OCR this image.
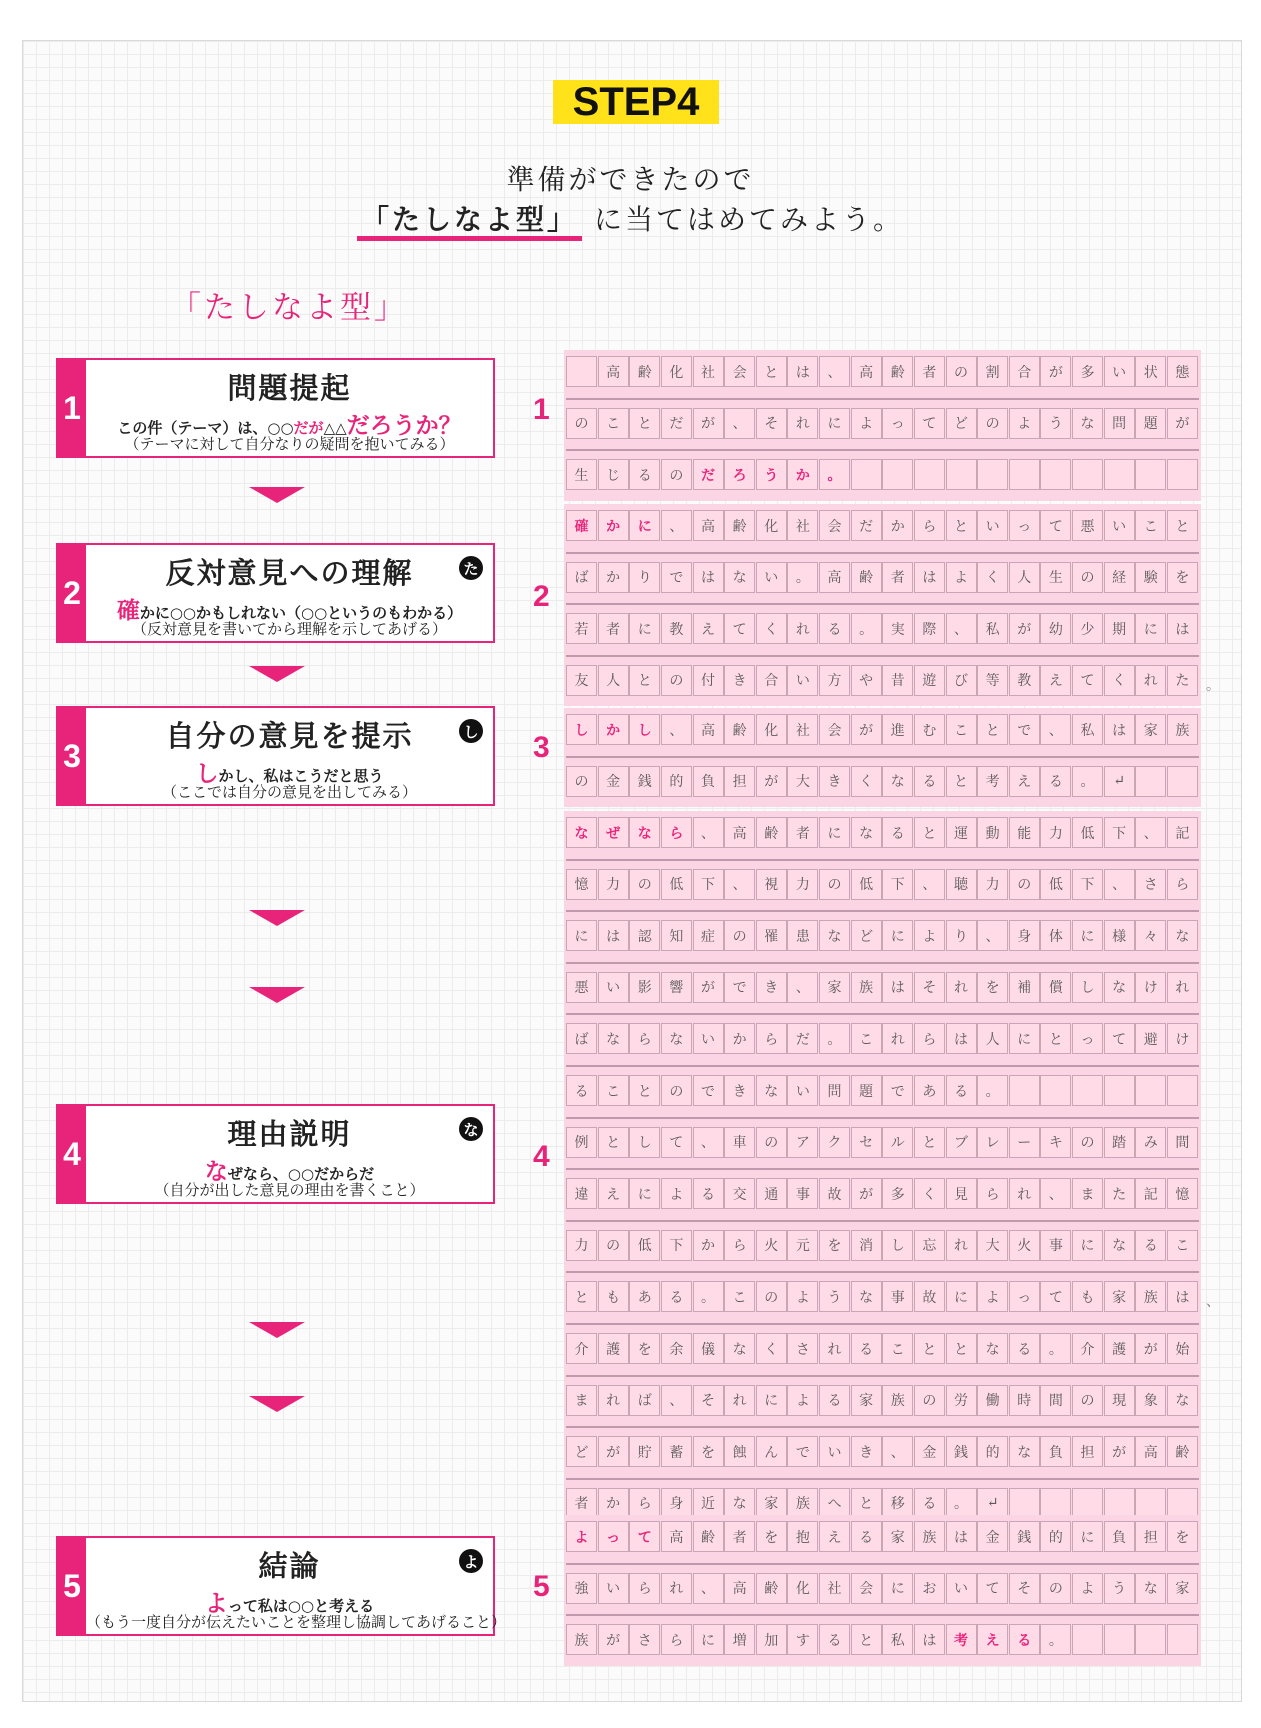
STEP4
準備ができたので
「たしなよ型」 に当てはめてみよう。
「たしなよ型」
1
問題提起
この件（テーマ）は、○○だが△△だろうか？
（テーマに対して自分なりの疑問を抱いてみる）
2
反対意見への理解
確かに○○かもしれない（○○というのもわかる）
（反対意見を書いてから理解を示してあげる）
た
3
自分の意見を提示
しかし、私はこうだと思う
（ここでは自分の意見を出してみる）
し
4
理由説明
なぜなら、○○だからだ
（自分が出した意見の理由を書くこと）
な
5
結論
よって私は○○と考える
（もう一度自分が伝えたいことを整理し協調してあげること）
よ
1
2
3
4
5
高	齢	化	社	会	と	は	、	高	齢	者	の	割	合	が	多	い	状	態
の	こ	と	だ	が	、	そ	れ	に	よ	っ	て	ど	の	よ	う	な	問	題	が
生	じ	る	の	だ	ろ	う	か	。
確	か	に	、	高	齢	化	社	会	だ	か	ら	と	い	っ	て	悪	い	こ	と
ば	か	り	で	は	な	い	。	高	齢	者	は	よ	く	人	生	の	経	験	を
若	者	に	教	え	て	く	れ	る	。	実	際	、	私	が	幼	少	期	に	は
友	人	と	の	付	き	合	い	方	や	昔	遊	び	等	教	え	て	く	れ	た	。
し	か	し	、	高	齢	化	社	会	が	進	む	こ	と	で	、	私	は	家	族
の	金	銭	的	負	担	が	大	き	く	な	る	と	考	え	る	。	↵
な	ぜ	な	ら	、	高	齢	者	に	な	る	と	運	動	能	力	低	下	、	記
憶	力	の	低	下	、	視	力	の	低	下	、	聴	力	の	低	下	、	さ	ら
に	は	認	知	症	の	罹	患	な	ど	に	よ	り	、	身	体	に	様	々	な
悪	い	影	響	が	で	き	、	家	族	は	そ	れ	を	補	償	し	な	け	れ
ば	な	ら	な	い	か	ら	だ	。	こ	れ	ら	は	人	に	と	っ	て	避	け
る	こ	と	の	で	き	な	い	問	題	で	あ	る	。
例	と	し	て	、	車	の	ア	ク	セ	ル	と	ブ	レ	ー	キ	の	踏	み	間
違	え	に	よ	る	交	通	事	故	が	多	く	見	ら	れ	、	ま	た	記	憶
力	の	低	下	か	ら	火	元	を	消	し	忘	れ	大	火	事	に	な	る	こ
と	も	あ	る	。	こ	の	よ	う	な	事	故	に	よ	っ	て	も	家	族	は	、
介	護	を	余	儀	な	く	さ	れ	る	こ	と	と	な	る	。	介	護	が	始
ま	れ	ば	、	そ	れ	に	よ	る	家	族	の	労	働	時	間	の	現	象	な
ど	が	貯	蓄	を	蝕	ん	で	い	き	、	金	銭	的	な	負	担	が	高	齢
者	か	ら	身	近	な	家	族	へ	と	移	る	。	↵
よ	っ	て	高	齢	者	を	抱	え	る	家	族	は	金	銭	的	に	負	担	を
強	い	ら	れ	、	高	齢	化	社	会	に	お	い	て	そ	の	よ	う	な	家
族	が	さ	ら	に	増	加	す	る	と	私	は	考	え	る	。
